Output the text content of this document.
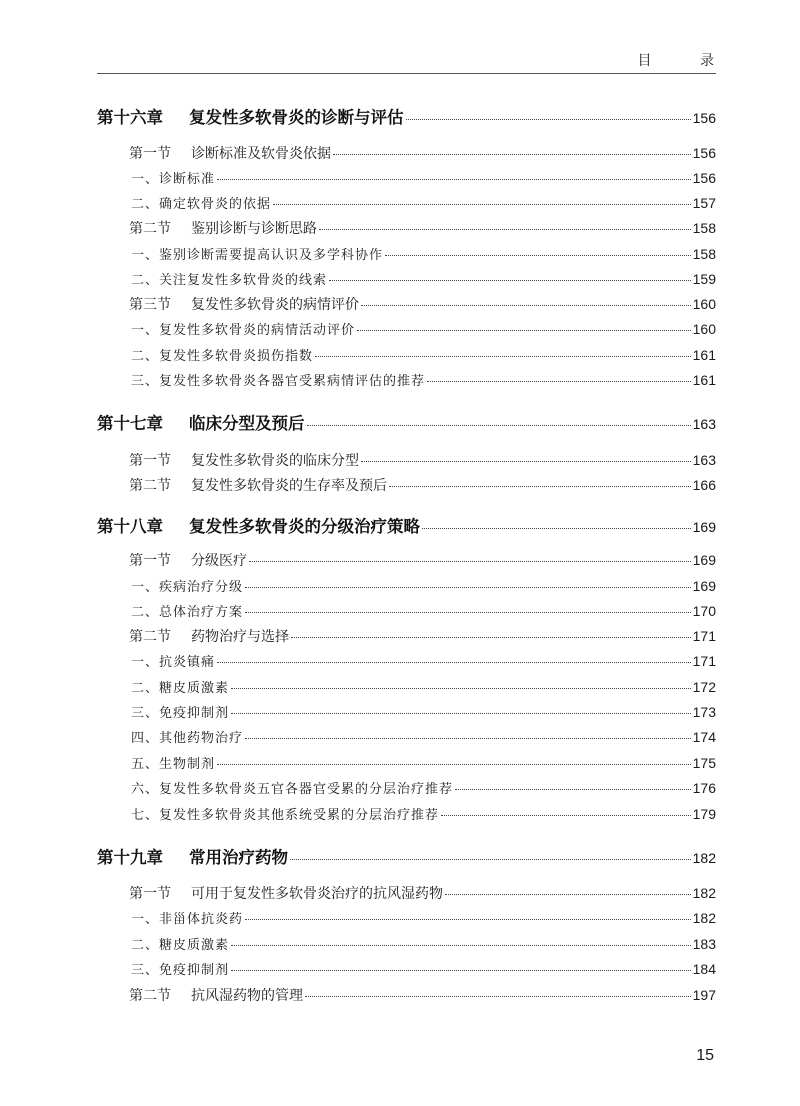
目 录
第十六章	复发性多软骨炎的诊断与评估	156
第一节	诊断标准及软骨炎依据	156
一、诊断标准	156
二、确定软骨炎的依据	157
第二节	鉴别诊断与诊断思路	158
一、鉴别诊断需要提高认识及多学科协作	158
二、关注复发性多软骨炎的线索	159
第三节	复发性多软骨炎的病情评价	160
一、复发性多软骨炎的病情活动评价	160
二、复发性多软骨炎损伤指数	161
三、复发性多软骨炎各器官受累病情评估的推荐	161
第十七章	临床分型及预后	163
第一节	复发性多软骨炎的临床分型	163
第二节	复发性多软骨炎的生存率及预后	166
第十八章	复发性多软骨炎的分级治疗策略	169
第一节	分级医疗	169
一、疾病治疗分级	169
二、总体治疗方案	170
第二节	药物治疗与选择	171
一、抗炎镇痛	171
二、糖皮质激素	172
三、免疫抑制剂	173
四、其他药物治疗	174
五、生物制剂	175
六、复发性多软骨炎五官各器官受累的分层治疗推荐	176
七、复发性多软骨炎其他系统受累的分层治疗推荐	179
第十九章	常用治疗药物	182
第一节	可用于复发性多软骨炎治疗的抗风湿药物	182
一、非甾体抗炎药	182
二、糖皮质激素	183
三、免疫抑制剂	184
第二节	抗风湿药物的管理	197
15
